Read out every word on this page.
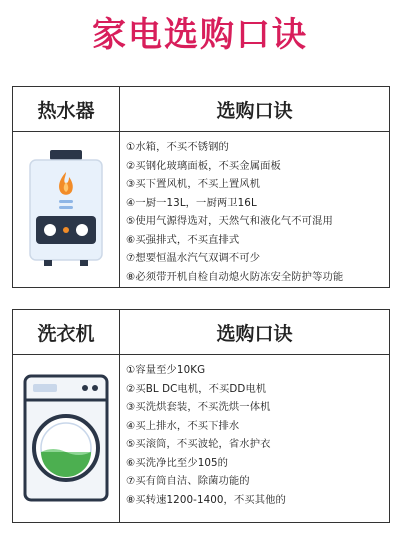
家电选购口诀
热水器	选购口诀
①水箱，不买不锈钢的
②买钢化玻璃面板，不买金属面板
③买下置风机，不买上置风机
④一厨一13L，一厨两卫16L
⑤使用气源得选对，天然气和液化气不可混用
⑥买强排式，不买直排式
⑦想要恒温水汽气双调不可少
⑧必须带开机自检自动熄火防冻安全防护等功能
洗衣机	选购口诀
①容量至少10KG
②买BL DC电机，不买DD电机
③买洗烘套装，不买洗烘一体机
④买上排水，不买下排水
⑤买滚筒，不买波轮，省水护衣
⑥买洗净比至少105的
⑦买有筒自洁、除菌功能的
⑧买转速1200-1400，不买其他的
